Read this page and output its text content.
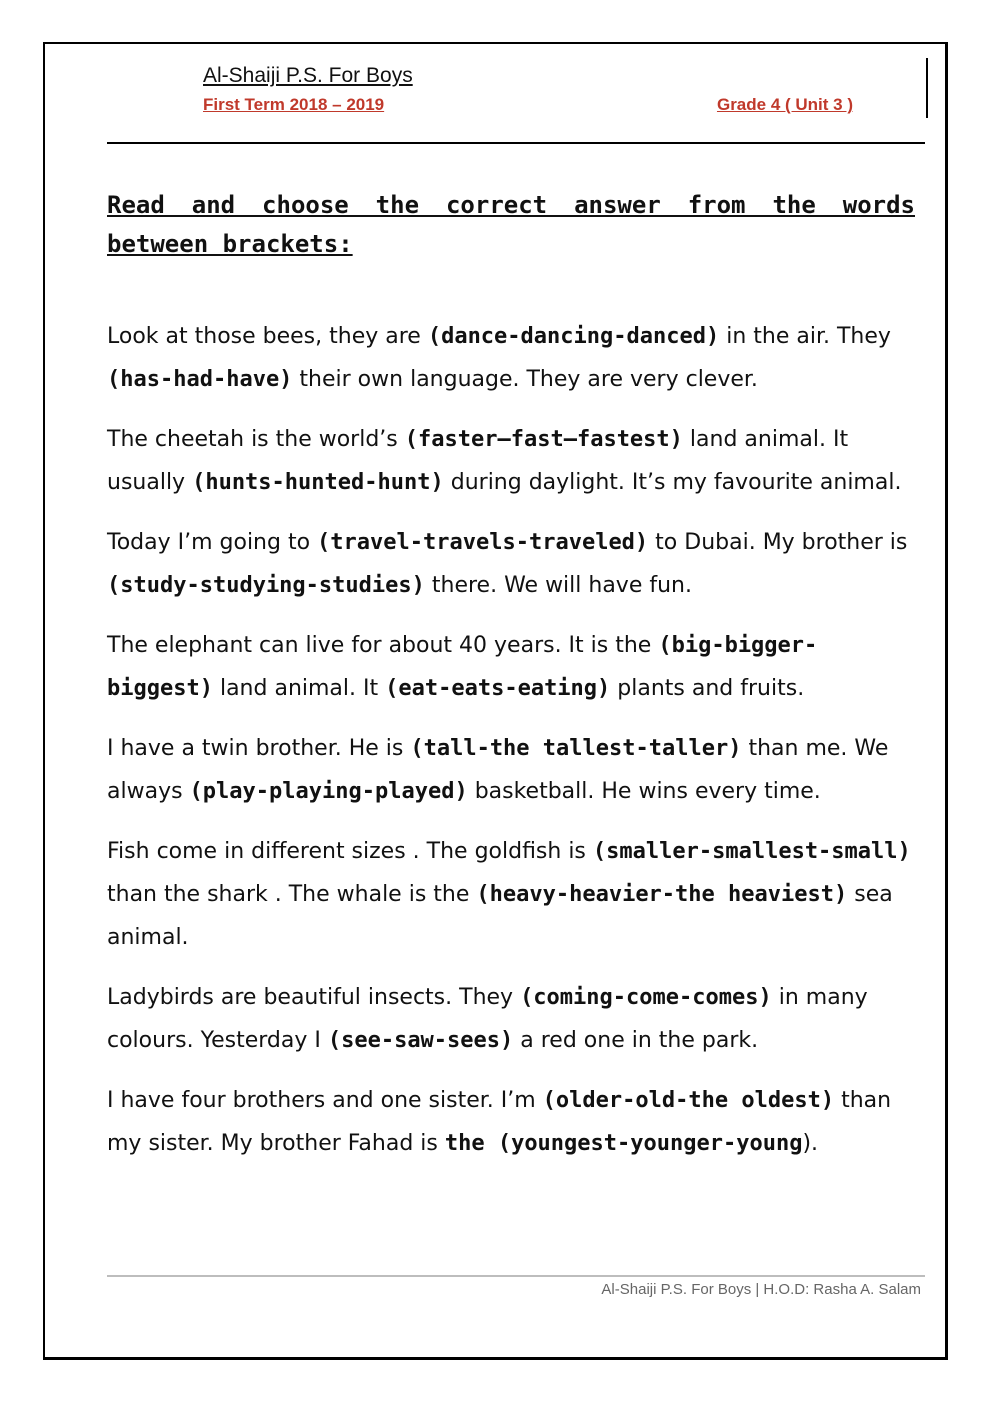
Al-Shaiji P.S. For Boys

First Term 2018 – 2019	Grade 4 ( Unit 3 )

Read and choose the correct answer from the words between brackets:

Look at those bees, they are (dance-dancing-danced) in the air. They (has-had-have) their own language. They are very clever.

The cheetah is the world’s (faster–fast–fastest) land animal. It usually (hunts-hunted-hunt) during daylight. It’s my favourite animal.

Today I’m going to (travel-travels-traveled) to Dubai. My brother is (study-studying-studies) there. We will have fun.

The elephant can live for about 40 years. It is the (big-bigger-biggest) land animal. It (eat-eats-eating) plants and fruits.

I have a twin brother. He is (tall-the tallest-taller) than me. We always (play-playing-played) basketball. He wins every time.

Fish come in different sizes . The goldfish is (smaller-smallest-small) than the shark . The whale is the (heavy-heavier-the heaviest) sea animal.

Ladybirds are beautiful insects. They (coming-come-comes) in many colours. Yesterday I (see-saw-sees) a red one in the park.

I have four brothers and one sister. I’m (older-old-the oldest) than my sister. My brother Fahad is the (youngest-younger-young).

Al-Shaiji P.S. For Boys | H.O.D: Rasha A. Salam
